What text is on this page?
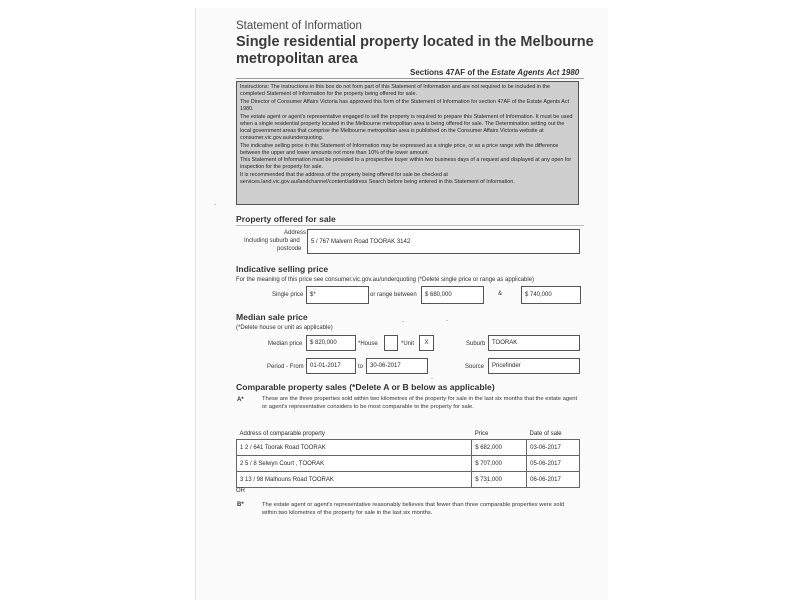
Statement of Information
Single residential property located in the Melbourne
metropolitan area
Sections 47AF of the Estate Agents Act 1980

Instructions: The instructions in this box do not form part of this Statement of Information and are not required to be included in the completed Statement of Information for the property being offered for sale.

The Director of Consumer Affairs Victoria has approved this form of the Statement of Information for section 47AF of the Estate Agents Act 1980.

The estate agent or agent's representative engaged to sell the property is required to prepare this Statement of Information. It must be used when a single residential property located in the Melbourne metropolitan area is being offered for sale. The Determination setting out the local government areas that comprise the Melbourne metropolitan area is published on the Consumer Affairs Victoria website at consumer.vic.gov.au/underquoting.

The indicative selling price in this Statement of Information may be expressed as a single price, or as a price range with the difference between the upper and lower amounts not more than 10% of the lower amount.

This Statement of Information must be provided to a prospective buyer within two business days of a request and displayed at any open for inspection for the property for sale.

It is recommended that the address of the property being offered for sale be checked at services.land.vic.gov.au/landchannel/content/address Search before being entered in this Statement of Information.

Property offered for sale
Address
Including suburb and
postcode
5 / 767 Malvern Road TOORAK 3142
Indicative selling price
For the meaning of this price see consumer.vic.gov.au/underquoting (*Delete single price or range as applicable)
Single price	$*	or range between	$ 680,000	&	$ 740,000
Median sale price
(*Delete house or unit as applicable)
Median price	$ 820,000	*House	*Unit	X	Suburb	TOORAK
Period - From	01-01-2017	to	30-06-2017	Source	Pricefinder
Comparable property sales (*Delete A or B below as applicable)
A*	These are the three properties sold within two kilometres of the property for sale in the last six months that the estate agent or agent's representative considers to be most comparable to the property for sale.
Address of comparable property	Price	Date of sale
1 2 / 641 Toorak Road TOORAK	$ 682,000	03-06-2017
2 5 / 8 Selwyn Court , TOORAK	$ 707,000	05-06-2017
3 13 / 98 Malhouns Road TOORAK	$ 731,000	06-06-2017
OR
B*	The estate agent or agent's representative reasonably believes that fewer than three comparable properties were sold within two kilometres of the property for sale in the last six months.
